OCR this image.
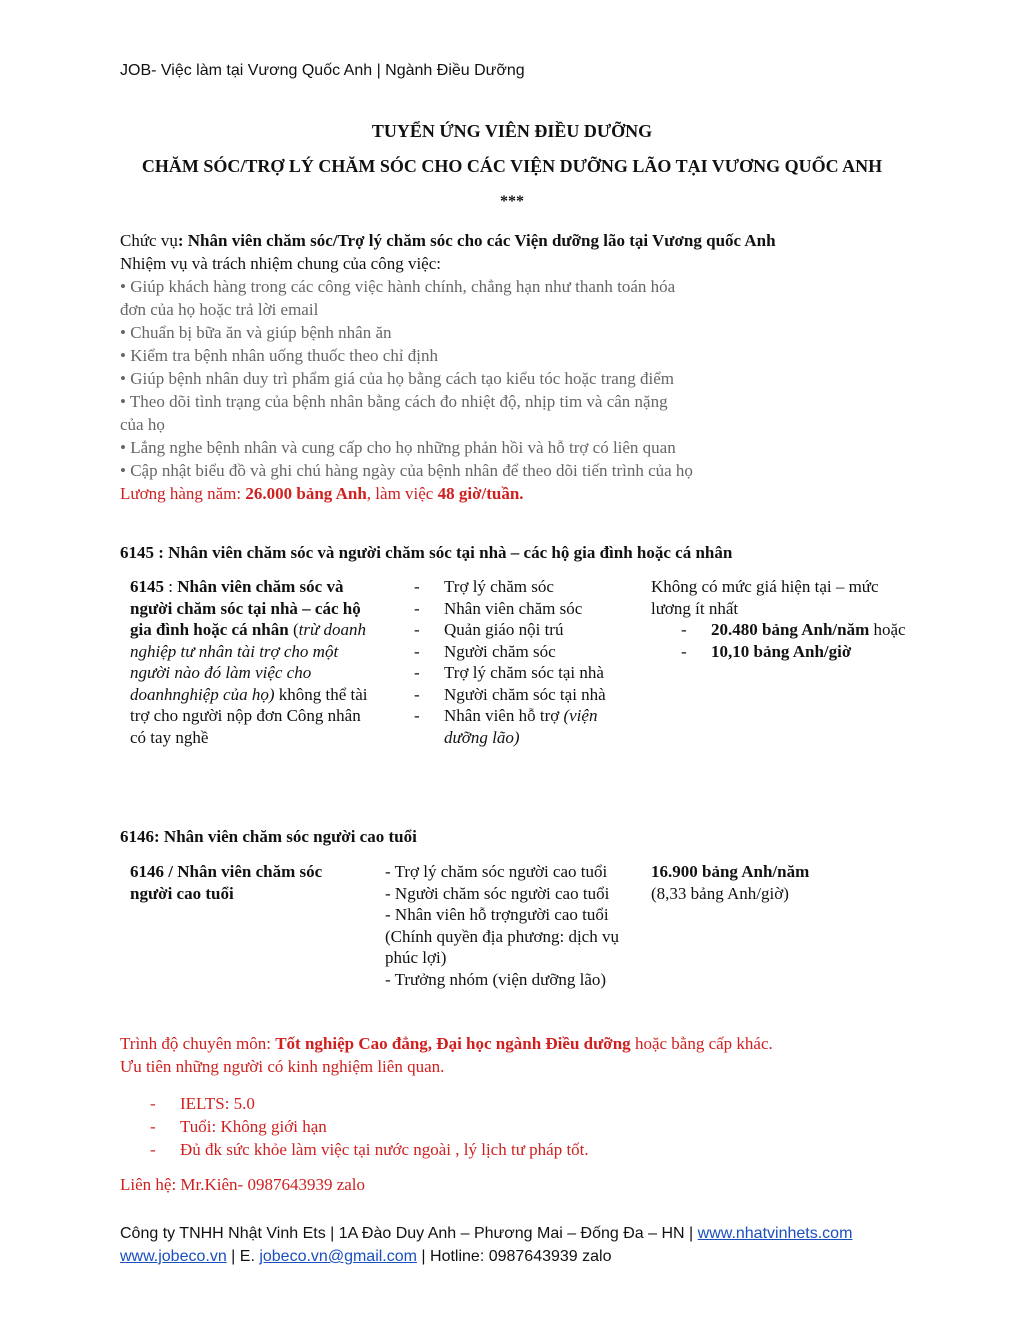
JOB- Việc làm tại Vương Quốc Anh | Ngành Điều Dưỡng
TUYỂN ỨNG VIÊN ĐIỀU DƯỠNG
CHĂM SÓC/TRỢ LÝ CHĂM SÓC CHO CÁC VIỆN DƯỠNG LÃO TẠI VƯƠNG QUỐC ANH
***
Chức vụ: Nhân viên chăm sóc/Trợ lý chăm sóc cho các Viện dưỡng lão tại Vương quốc Anh
Nhiệm vụ và trách nhiệm chung của công việc:
• Giúp khách hàng trong các công việc hành chính, chẳng hạn như thanh toán hóa
đơn của họ hoặc trả lời email
• Chuẩn bị bữa ăn và giúp bệnh nhân ăn
• Kiểm tra bệnh nhân uống thuốc theo chỉ định
• Giúp bệnh nhân duy trì phẩm giá của họ bằng cách tạo kiểu tóc hoặc trang điểm
• Theo dõi tình trạng của bệnh nhân bằng cách đo nhiệt độ, nhịp tim và cân nặng
của họ
• Lắng nghe bệnh nhân và cung cấp cho họ những phản hồi và hỗ trợ có liên quan
• Cập nhật biểu đồ và ghi chú hàng ngày của bệnh nhân để theo dõi tiến trình của họ
Lương hàng năm: 26.000 bảng Anh, làm việc 48 giờ/tuần.
6145 : Nhân viên chăm sóc và người chăm sóc tại nhà – các hộ gia đình hoặc cá nhân
6145 : Nhân viên chăm sóc và người chăm sóc tại nhà – các hộ gia đình hoặc cá nhân (trừ doanh nghiệp tư nhân tài trợ cho một người nào đó làm việc cho doanhnghiệp của họ) không thể tài trợ cho người nộp đơn Công nhân có tay nghề
- Trợ lý chăm sóc
- Nhân viên chăm sóc
- Quản giáo nội trú
- Người chăm sóc
- Trợ lý chăm sóc tại nhà
- Người chăm sóc tại nhà
- Nhân viên hỗ trợ (viện dưỡng lão)
Không có mức giá hiện tại – mức lương ít nhất
- 20.480 bảng Anh/năm hoặc
- 10,10 bảng Anh/giờ
6146: Nhân viên chăm sóc người cao tuổi
6146 / Nhân viên chăm sóc người cao tuổi
- Trợ lý chăm sóc người cao tuổi
- Người chăm sóc người cao tuổi
- Nhân viên hỗ trợngười cao tuổi (Chính quyền địa phương: dịch vụ phúc lợi)
- Trưởng nhóm (viện dưỡng lão)
16.900 bảng Anh/năm
(8,33 bảng Anh/giờ)
Trình độ chuyên môn: Tốt nghiệp Cao đẳng, Đại học ngành Điều dưỡng hoặc bằng cấp khác.
Ưu tiên những người có kinh nghiệm liên quan.
- IELTS: 5.0
- Tuổi: Không giới hạn
- Đủ đk sức khỏe làm việc tại nước ngoài , lý lịch tư pháp tốt.
Liên hệ: Mr.Kiên- 0987643939 zalo
Công ty TNHH Nhật Vinh Ets | 1A Đào Duy Anh – Phương Mai – Đống Đa – HN | www.nhatvinhets.com
www.jobeco.vn | E. jobeco.vn@gmail.com | Hotline: 0987643939 zalo
